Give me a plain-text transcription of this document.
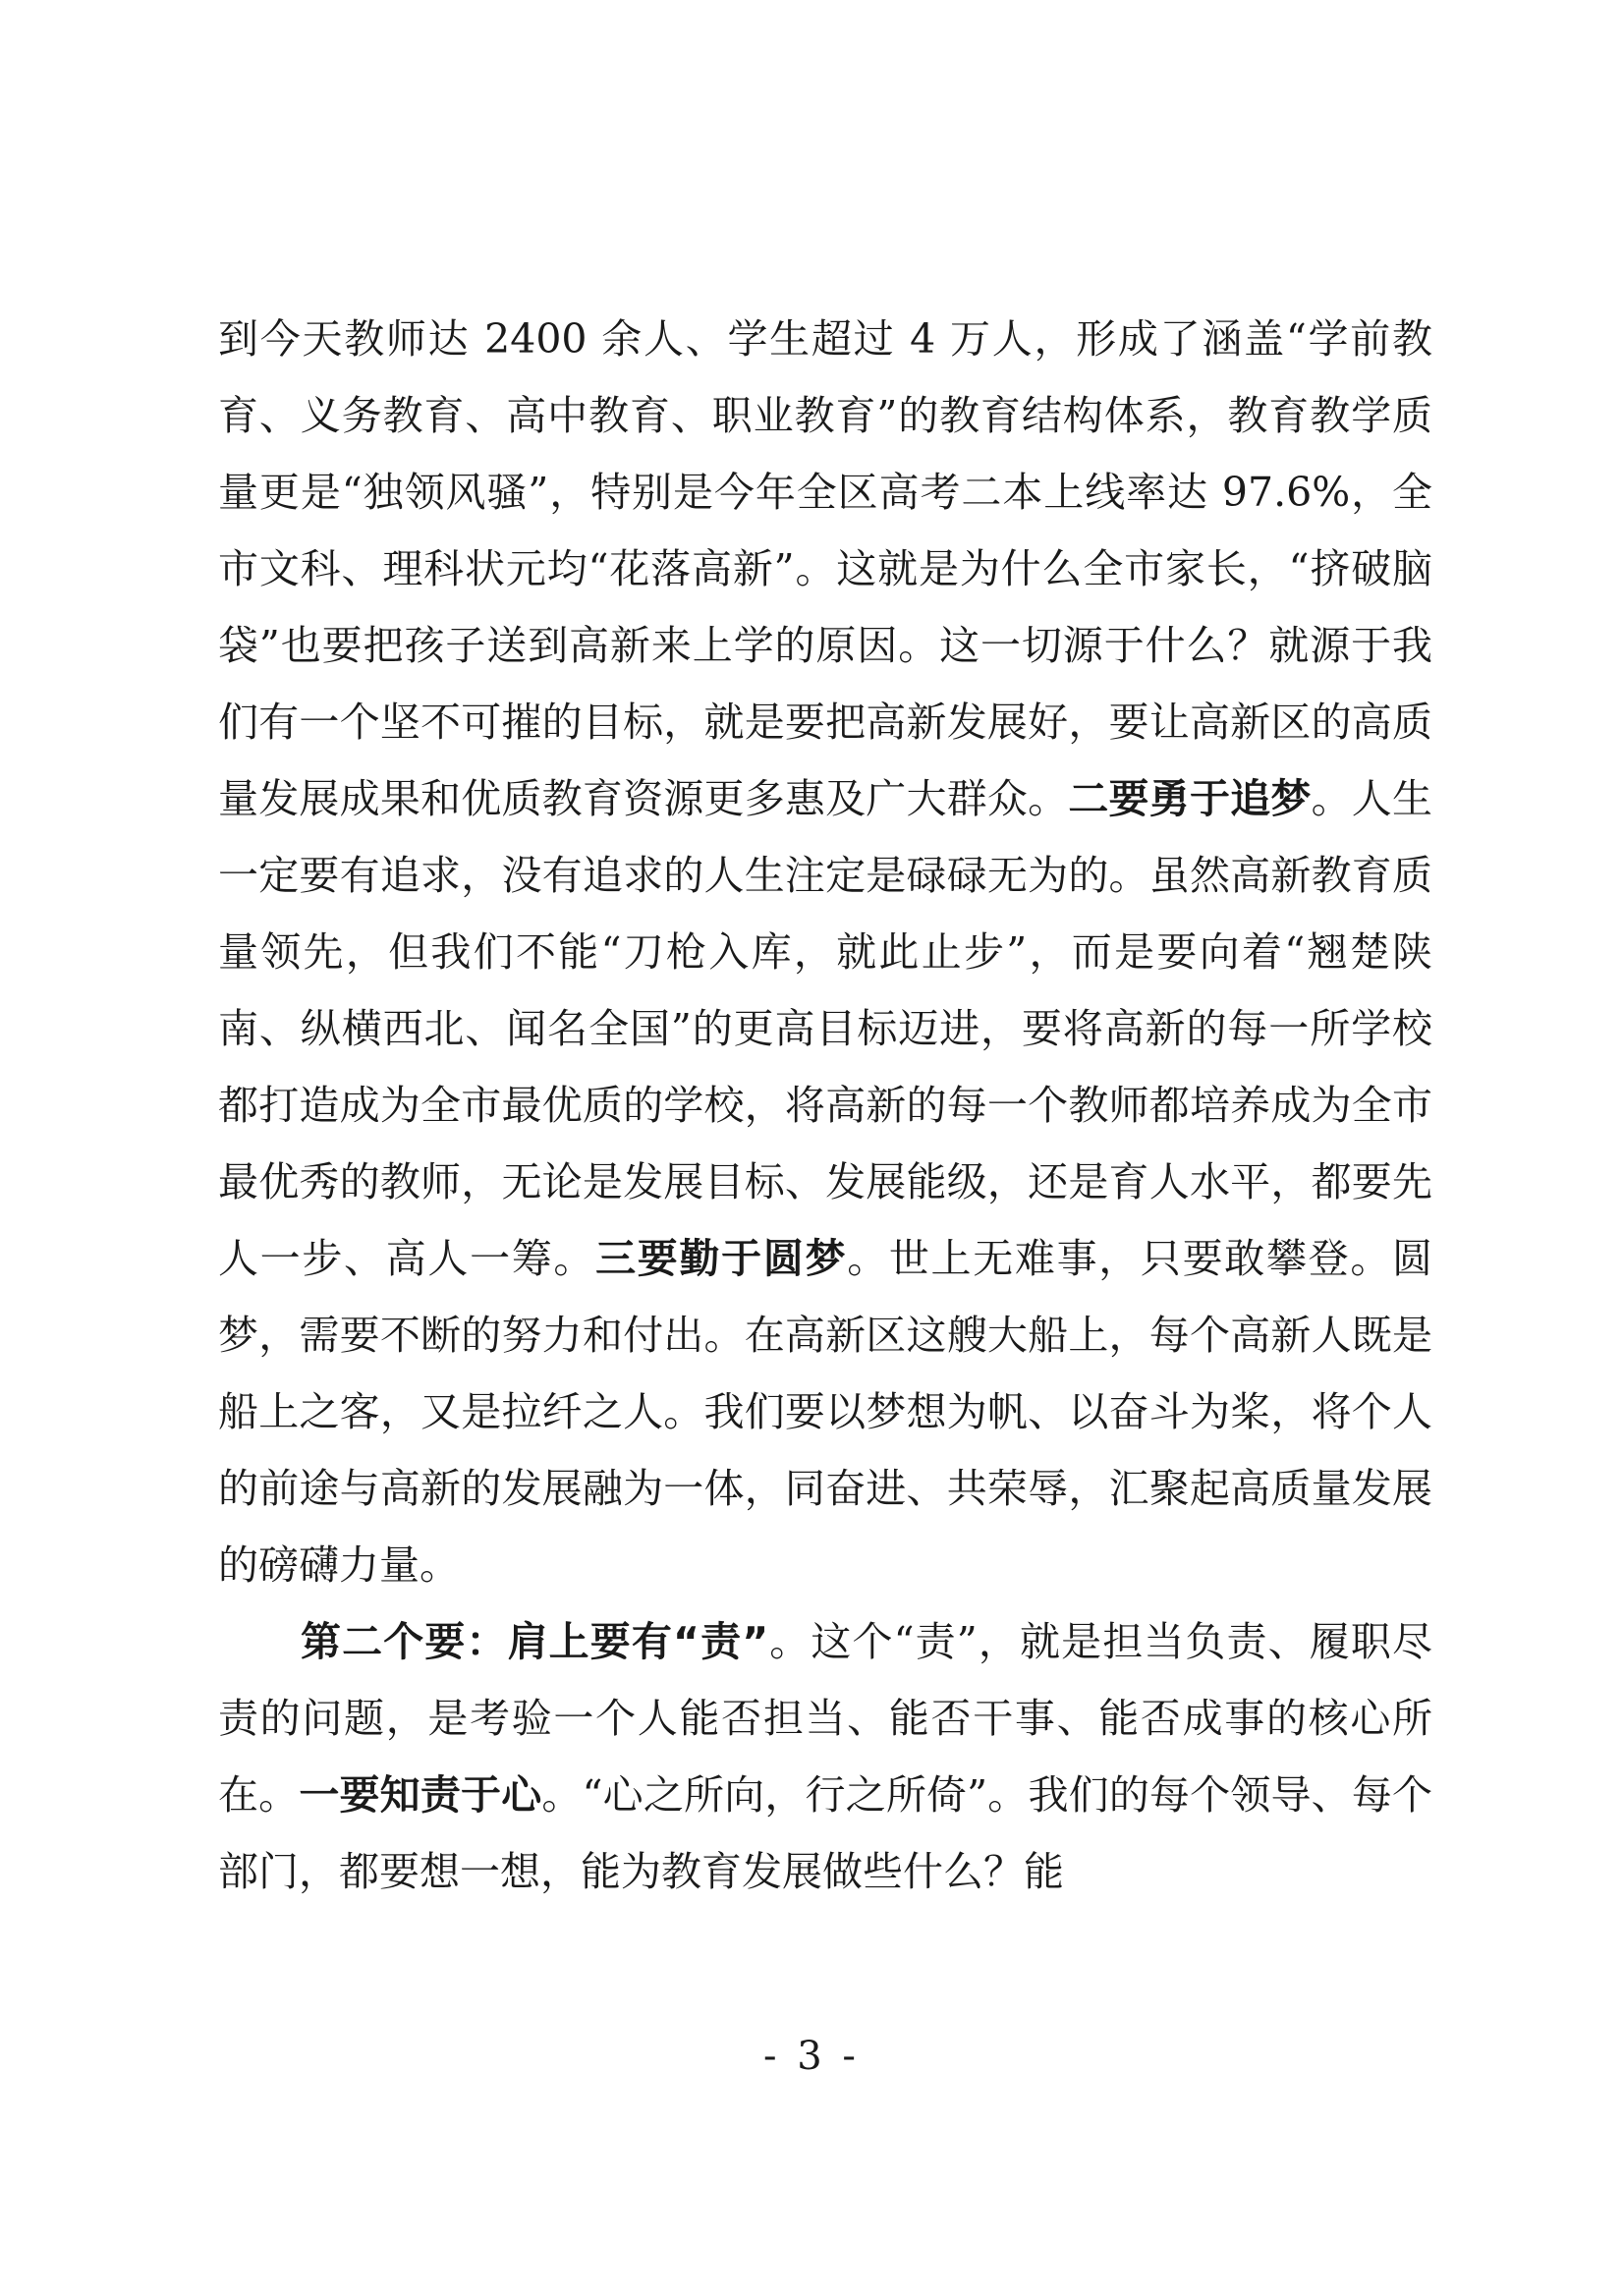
到今天教师达 2400 余人、学生超过 4 万人，形成了涵盖“学前教育、义务教育、高中教育、职业教育”的教育结构体系，教育教学质量更是“独领风骚”，特别是今年全区高考二本上线率达 97.6%，全市文科、理科状元均“花落高新”。这就是为什么全市家长，“挤破脑袋”也要把孩子送到高新来上学的原因。这一切源于什么？就源于我们有一个坚不可摧的目标，就是要把高新发展好，要让高新区的高质量发展成果和优质教育资源更多惠及广大群众。二要勇于追梦。人生一定要有追求，没有追求的人生注定是碌碌无为的。虽然高新教育质量领先，但我们不能“刀枪入库，就此止步”，而是要向着“翘楚陕南、纵横西北、闻名全国”的更高目标迈进，要将高新的每一所学校都打造成为全市最优质的学校，将高新的每一个教师都培养成为全市最优秀的教师，无论是发展目标、发展能级，还是育人水平，都要先人一步、高人一筹。三要勤于圆梦。世上无难事，只要敢攀登。圆梦，需要不断的努力和付出。在高新区这艘大船上，每个高新人既是船上之客，又是拉纤之人。我们要以梦想为帆、以奋斗为桨，将个人的前途与高新的发展融为一体，同奋进、共荣辱，汇聚起高质量发展的磅礴力量。

第二个要：肩上要有“责”。这个“责”，就是担当负责、履职尽责的问题，是考验一个人能否担当、能否干事、能否成事的核心所在。一要知责于心。“心之所向，行之所倚”。我们的每个领导、每个部门，都要想一想，能为教育发展做些什么？能

- 3 -
